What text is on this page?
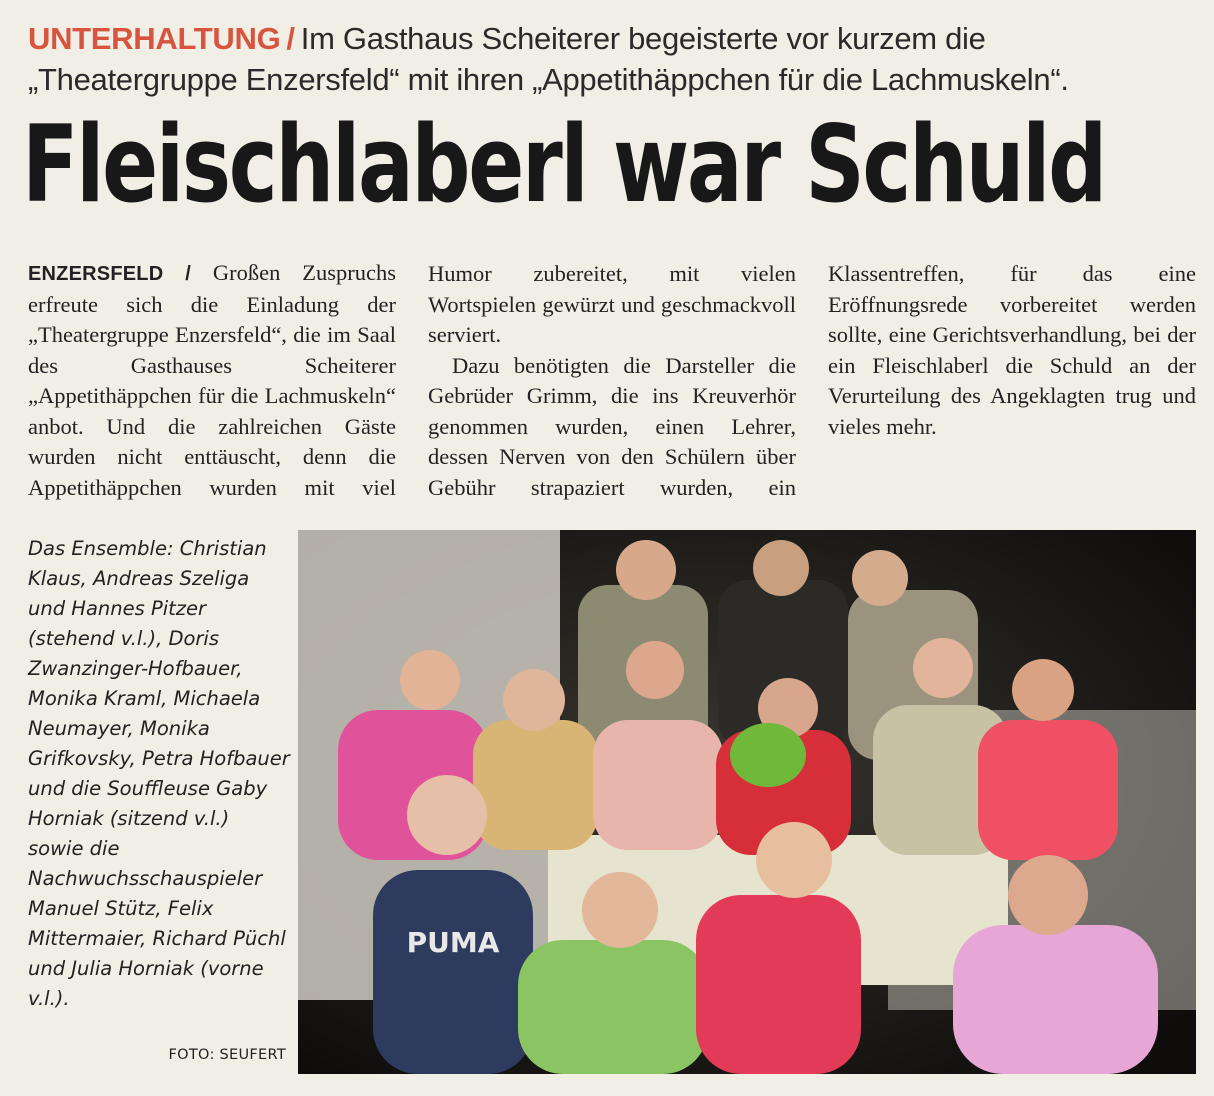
UNTERHALTUNG / Im Gasthaus Scheiterer begeisterte vor kurzem die „Theatergruppe Enzersfeld“ mit ihren „Appetithäppchen für die Lachmuskeln“.
Fleischlaberl war Schuld

ENZERSFELD / Großen Zuspruchs erfreute sich die Einladung der „Theatergruppe Enzersfeld“, die im Saal des Gasthauses Scheiterer „Appetithäppchen für die Lachmuskeln“ anbot. Und die zahlreichen Gäste wurden nicht enttäuscht, denn die Appetithäppchen wurden mit viel

Humor zubereitet, mit vielen Wortspielen gewürzt und geschmackvoll serviert.

Dazu benötigten die Darsteller die Gebrüder Grimm, die ins Kreuverhör genommen wurden, einen Lehrer, dessen Nerven von den Schülern über Gebühr strapaziert wurden, ein

Klassentreffen, für das eine Eröffnungsrede vorbereitet werden sollte, eine Gerichtsverhandlung, bei der ein Fleischlaberl die Schuld an der Verurteilung des Angeklagten trug und vieles mehr.

Das Ensemble: Christian Klaus, Andreas Szeliga und Hannes Pitzer (stehend v.l.), Doris Zwanzinger-Hofbauer, Monika Kraml, Michaela Neumayer, Monika Grifkovsky, Petra Hofbauer und die Souffleuse Gaby Horniak (sitzend v.l.) sowie die Nachwuchsschauspieler Manuel Stütz, Felix Mittermaier, Richard Püchl und Julia Horniak (vorne v.l.).
FOTO: SEUFERT
PUMA
